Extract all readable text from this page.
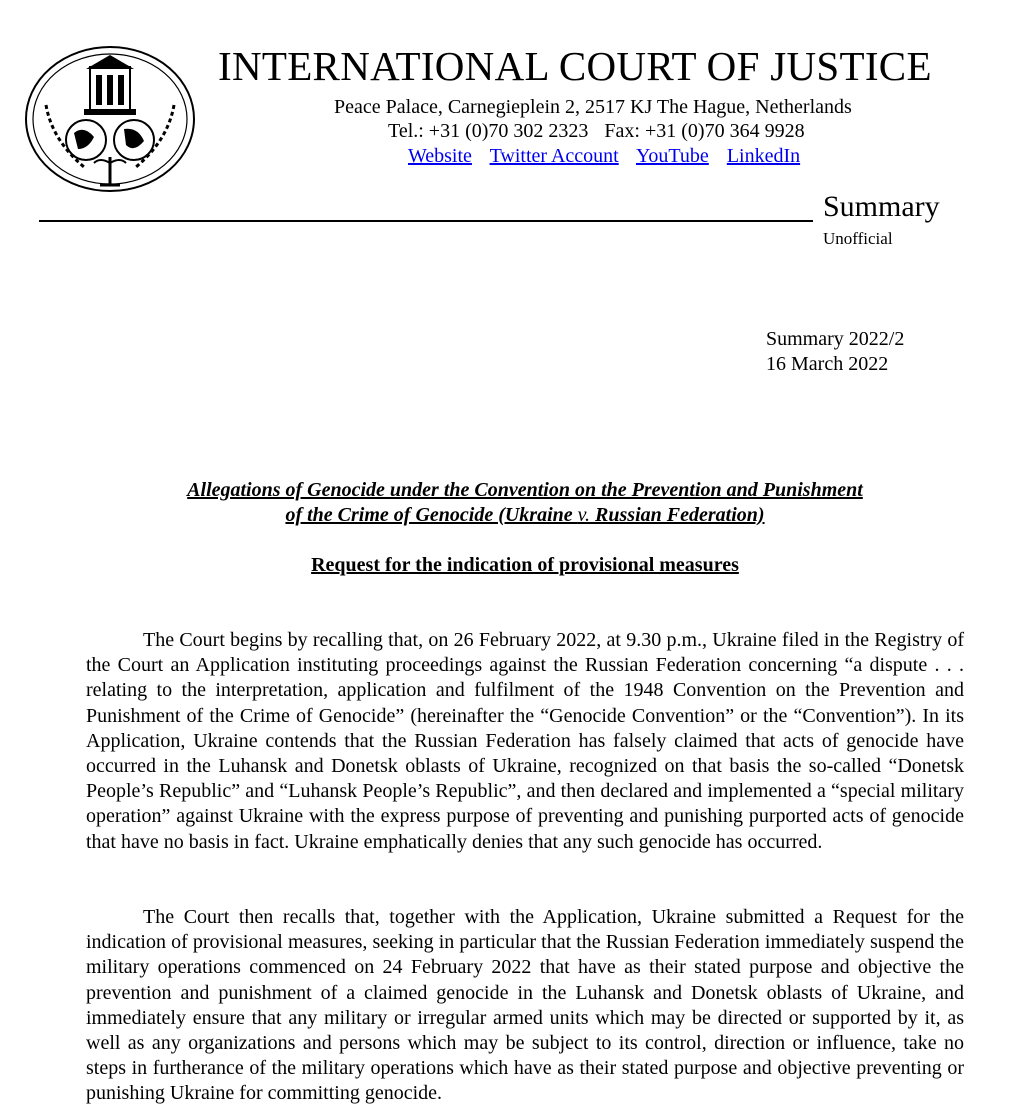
INTERNATIONAL COURT OF JUSTICE
Peace Palace, Carnegieplein 2, 2517 KJ The Hague, Netherlands
Tel.: +31 (0)70 302 2323 Fax: +31 (0)70 364 9928
Website Twitter Account YouTube LinkedIn
Summary
Unofficial
Summary 2022/2
16 March 2022
Allegations of Genocide under the Convention on the Prevention and Punishment
of the Crime of Genocide (Ukraine v. Russian Federation)
Request for the indication of provisional measures

The Court begins by recalling that, on 26 February 2022, at 9.30 p.m., Ukraine filed in the Registry of the Court an Application instituting proceedings against the Russian Federation concerning “a dispute . . . relating to the interpretation, application and fulfilment of the 1948 Convention on the Prevention and Punishment of the Crime of Genocide” (hereinafter the “Genocide Convention” or the “Convention”). In its Application, Ukraine contends that the Russian Federation has falsely claimed that acts of genocide have occurred in the Luhansk and Donetsk oblasts of Ukraine, recognized on that basis the so-called “Donetsk People’s Republic” and “Luhansk People’s Republic”, and then declared and implemented a “special military operation” against Ukraine with the express purpose of preventing and punishing purported acts of genocide that have no basis in fact. Ukraine emphatically denies that any such genocide has occurred.

The Court then recalls that, together with the Application, Ukraine submitted a Request for the indication of provisional measures, seeking in particular that the Russian Federation immediately suspend the military operations commenced on 24 February 2022 that have as their stated purpose and objective the prevention and punishment of a claimed genocide in the Luhansk and Donetsk oblasts of Ukraine, and immediately ensure that any military or irregular armed units which may be directed or supported by it, as well as any organizations and persons which may be subject to its control, direction or influence, take no steps in furtherance of the military operations which have as their stated purpose and objective preventing or punishing Ukraine for committing genocide.
